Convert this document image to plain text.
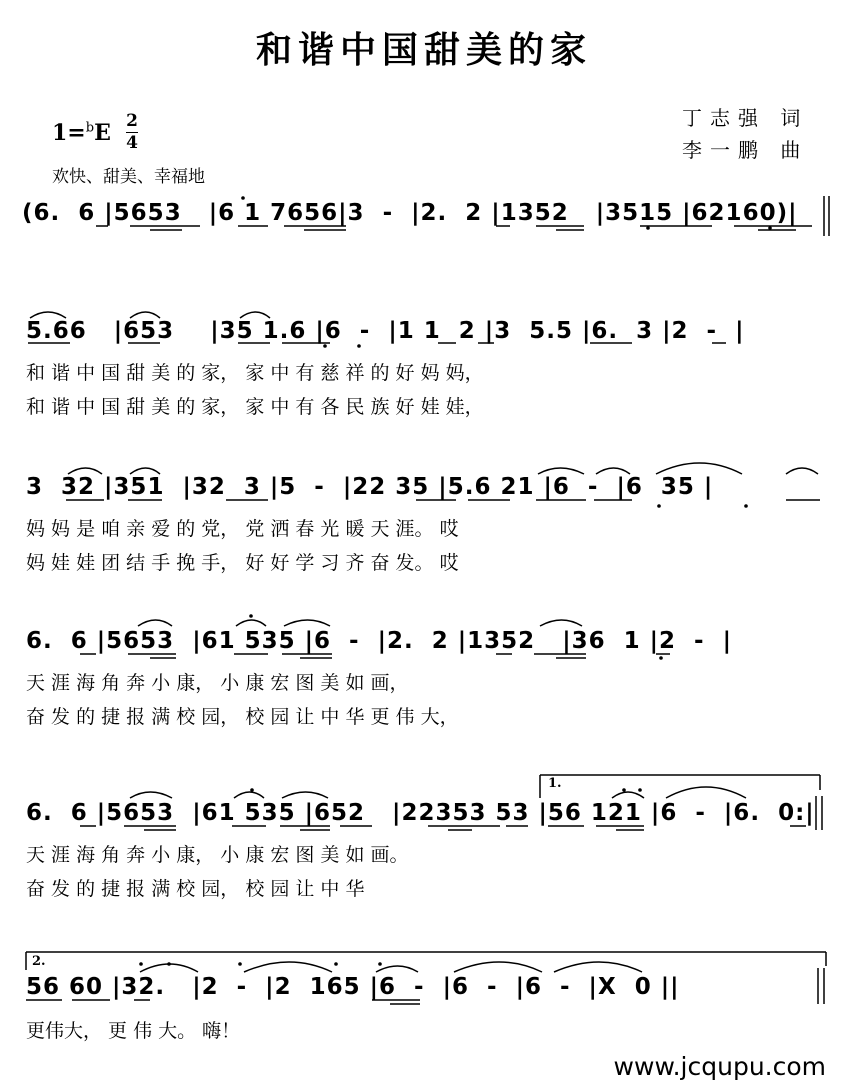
和谐中国甜美的家
丁志强 词
李一鹏 曲
1=$^b$E 2
4
欢快、甜美、幸福地
(6.  6 |5653   |6 1 7656|3  -  |2.  2 |1352   |3515 |62160)|
5.66   |653    |35 1.6 |6  -  |1 1  2 |3  5.5 |6.  3 |2  -  |
和 谐 中 国 甜 美 的 家， 家 中 有 慈 祥 的 好 妈 妈，
和 谐 中 国 甜 美 的 家， 家 中 有 各 民 族 好 娃 娃，
3  32 |351  |32  3 |5  -  |22 35 |5.6 21 |6  -  |6  35 |
妈 妈 是 咱 亲 爱 的 党， 党 洒 春 光 暖 天 涯。 哎
妈 娃 娃 团 结 手 挽 手， 好 好 学 习 齐 奋 发。 哎
6.  6 |5653  |61 535 |6  -  |2.  2 |1352   |36  1 |2  -  |
天 涯 海 角 奔 小 康， 小 康 宏 图 美 如 画，
奋 发 的 捷 报 满 校 园， 校 园 让 中 华 更 伟 大，
1.
6.  6 |5653  |61 535 |652   |22353 53 |56 121 |6  -  |6.  0:|
天 涯 海 角 奔 小 康， 小 康 宏 图 美 如 画。
奋 发 的 捷 报 满 校 园， 校 园 让 中 华
2.
56 60 |32.   |2  -  |2  165 |6  -  |6  -  |6  -  |X  0 ||
更伟大， 更 伟 大。 嗨！
www.jcqupu.com
